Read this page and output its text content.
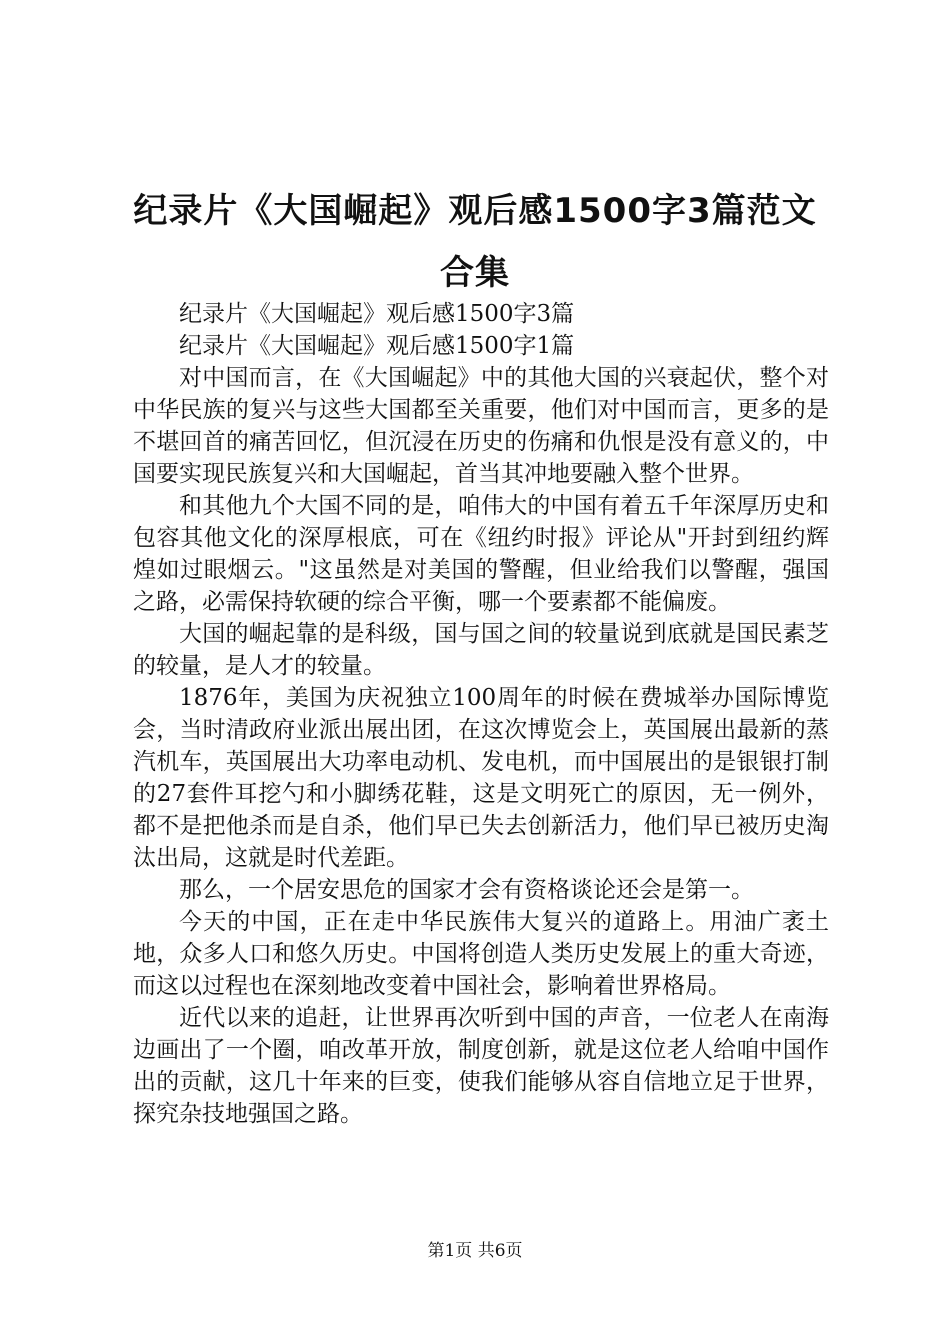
纪录片《大国崛起》观后感1500字3篇范文合集

纪录片《大国崛起》观后感1500字3篇

纪录片《大国崛起》观后感1500字1篇

对中国而言，在《大国崛起》中的其他大国的兴衰起伏，整个对中华民族的复兴与这些大国都至关重要，他们对中国而言，更多的是不堪回首的痛苦回忆，但沉浸在历史的伤痛和仇恨是没有意义的，中国要实现民族复兴和大国崛起，首当其冲地要融入整个世界。

和其他九个大国不同的是，咱伟大的中国有着五千年深厚历史和包容其他文化的深厚根底，可在《纽约时报》评论从"开封到纽约辉煌如过眼烟云。"这虽然是对美国的警醒，但业给我们以警醒，强国之路，必需保持软硬的综合平衡，哪一个要素都不能偏废。

大国的崛起靠的是科级，国与国之间的较量说到底就是国民素芝的较量，是人才的较量。

1876年，美国为庆祝独立100周年的时候在费城举办国际博览会，当时清政府业派出展出团，在这次博览会上，英国展出最新的蒸汽机车，英国展出大功率电动机、发电机，而中国展出的是银银打制的27套件耳挖勺和小脚绣花鞋，这是文明死亡的原因，无一例外，都不是把他杀而是自杀，他们早已失去创新活力，他们早已被历史淘汰出局，这就是时代差距。

那么，一个居安思危的国家才会有资格谈论还会是第一。

今天的中国，正在走中华民族伟大复兴的道路上。用油广袤土地，众多人口和悠久历史。中国将创造人类历史发展上的重大奇迹，而这以过程也在深刻地改变着中国社会，影响着世界格局。

近代以来的追赶，让世界再次听到中国的声音，一位老人在南海边画出了一个圈，咱改革开放，制度创新，就是这位老人给咱中国作出的贡献，这几十年来的巨变，使我们能够从容自信地立足于世界，探究杂技地强国之路。

第1页 共6页
